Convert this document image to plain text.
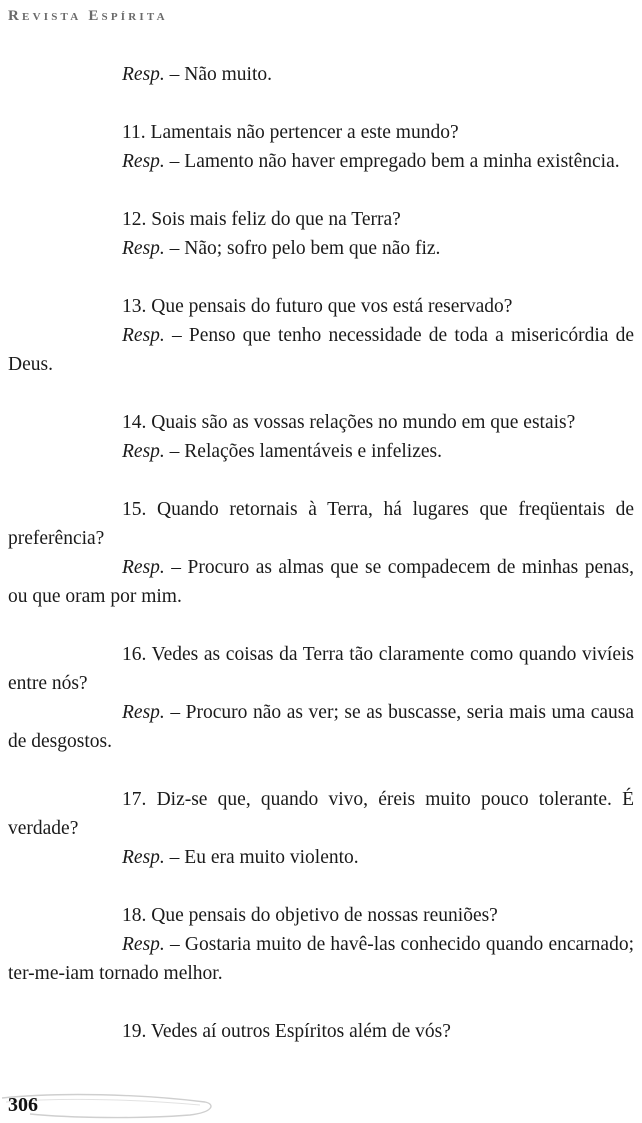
Revista Espírita

Resp. – Não muito.

11. Lamentais não pertencer a este mundo?

Resp. – Lamento não haver empregado bem a minha existência.

12. Sois mais feliz do que na Terra?

Resp. – Não; sofro pelo bem que não fiz.

13. Que pensais do futuro que vos está reservado?

Resp. – Penso que tenho necessidade de toda a misericórdia de Deus.

14. Quais são as vossas relações no mundo em que estais?

Resp. – Relações lamentáveis e infelizes.

15. Quando retornais à Terra, há lugares que freqüentais de preferência?

Resp. – Procuro as almas que se compadecem de minhas penas, ou que oram por mim.

16. Vedes as coisas da Terra tão claramente como quando vivíeis entre nós?

Resp. – Procuro não as ver; se as buscasse, seria mais uma causa de desgostos.

17. Diz-se que, quando vivo, éreis muito pouco tolerante. É verdade?

Resp. – Eu era muito violento.

18. Que pensais do objetivo de nossas reuniões?

Resp. – Gostaria muito de havê-las conhecido quando encarnado; ter-me-iam tornado melhor.

19. Vedes aí outros Espíritos além de vós?

306
